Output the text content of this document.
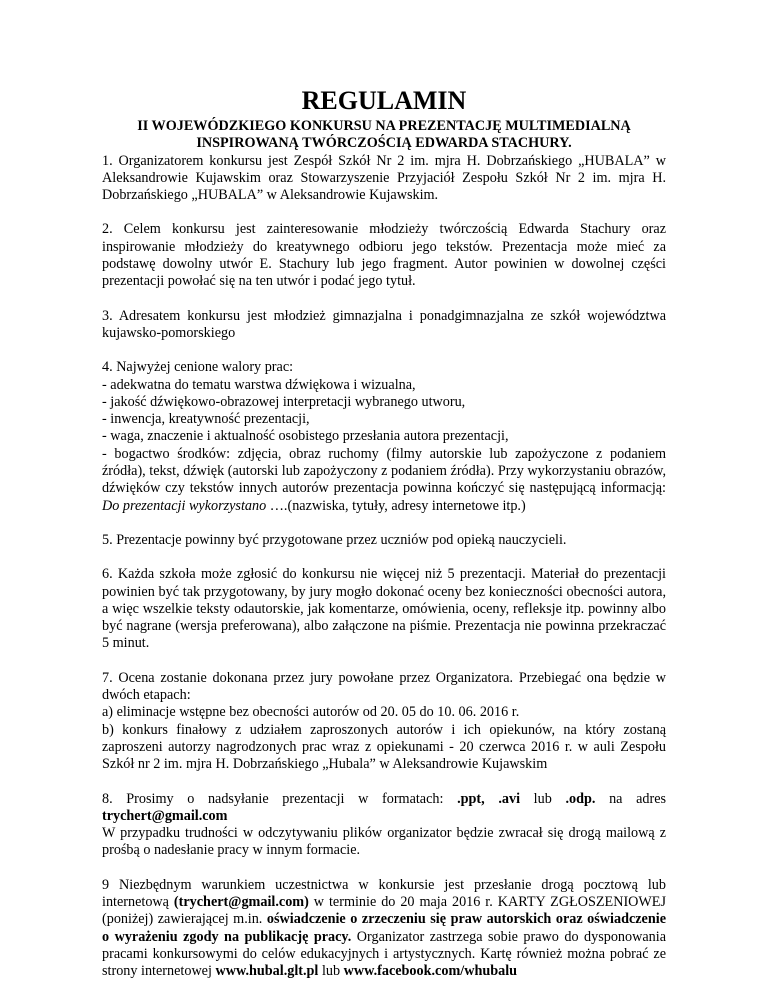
REGULAMIN
II WOJEWÓDZKIEGO KONKURSU NA PREZENTACJĘ MULTIMEDIALNĄ
INSPIROWANĄ TWÓRCZOŚCIĄ EDWARDA STACHURY.

1. Organizatorem konkursu jest Zespół Szkół Nr 2 im. mjra H. Dobrzańskiego „HUBALA” w Aleksandrowie Kujawskim oraz Stowarzyszenie Przyjaciół Zespołu Szkół Nr 2 im. mjra H. Dobrzańskiego „HUBALA” w Aleksandrowie Kujawskim.

2. Celem konkursu jest zainteresowanie młodzieży twórczością Edwarda Stachury oraz inspirowanie młodzieży do kreatywnego odbioru jego tekstów. Prezentacja może mieć za podstawę dowolny utwór E. Stachury lub jego fragment. Autor powinien w dowolnej części prezentacji powołać się na ten utwór i podać jego tytuł.

3. Adresatem konkursu jest młodzież gimnazjalna i ponadgimnazjalna ze szkół województwa kujawsko-pomorskiego

4. Najwyżej cenione walory prac:
- adekwatna do tematu warstwa dźwiękowa i wizualna,
- jakość dźwiękowo-obrazowej interpretacji wybranego utworu,
- inwencja, kreatywność prezentacji,
- waga, znaczenie i aktualność osobistego przesłania autora prezentacji,

- bogactwo środków: zdjęcia, obraz ruchomy (filmy autorskie lub zapożyczone z podaniem źródła), tekst, dźwięk (autorski lub zapożyczony z podaniem źródła). Przy wykorzystaniu obrazów, dźwięków czy tekstów innych autorów prezentacja powinna kończyć się następującą informacją: Do prezentacji wykorzystano ….(nazwiska, tytuły, adresy internetowe itp.)

5. Prezentacje powinny być przygotowane przez uczniów pod opieką nauczycieli.

6. Każda szkoła może zgłosić do konkursu nie więcej niż 5 prezentacji. Materiał do prezentacji powinien być tak przygotowany, by jury mogło dokonać oceny bez konieczności obecności autora, a więc wszelkie teksty odautorskie, jak komentarze, omówienia, oceny, refleksje itp. powinny albo być nagrane (wersja preferowana), albo załączone na piśmie. Prezentacja nie powinna przekraczać 5 minut.

7. Ocena zostanie dokonana przez jury powołane przez Organizatora. Przebiegać ona będzie w dwóch etapach:

a) eliminacje wstępne bez obecności autorów od 20. 05 do 10. 06. 2016 r.

b) konkurs finałowy z udziałem zaproszonych autorów i ich opiekunów, na który zostaną zaproszeni autorzy nagrodzonych prac wraz z opiekunami - 20 czerwca 2016 r. w auli Zespołu Szkół nr 2 im. mjra H. Dobrzańskiego „Hubala” w Aleksandrowie Kujawskim

8. Prosimy o nadsyłanie prezentacji w formatach: .ppt, .avi lub .odp. na adres
trychert@gmail.com

W przypadku trudności w odczytywaniu plików organizator będzie zwracał się drogą mailową z prośbą o nadesłanie pracy w innym formacie.

9 Niezbędnym warunkiem uczestnictwa w konkursie jest przesłanie drogą pocztową lub internetową (trychert@gmail.com) w terminie do 20 maja 2016 r. KARTY ZGŁOSZENIOWEJ (poniżej) zawierającej m.in. oświadczenie o zrzeczeniu się praw autorskich oraz oświadczenie o wyrażeniu zgody na publikację pracy. Organizator zastrzega sobie prawo do dysponowania pracami konkursowymi do celów edukacyjnych i artystycznych. Kartę również można pobrać ze strony internetowej www.hubal.glt.pl lub www.facebook.com/whubalu
